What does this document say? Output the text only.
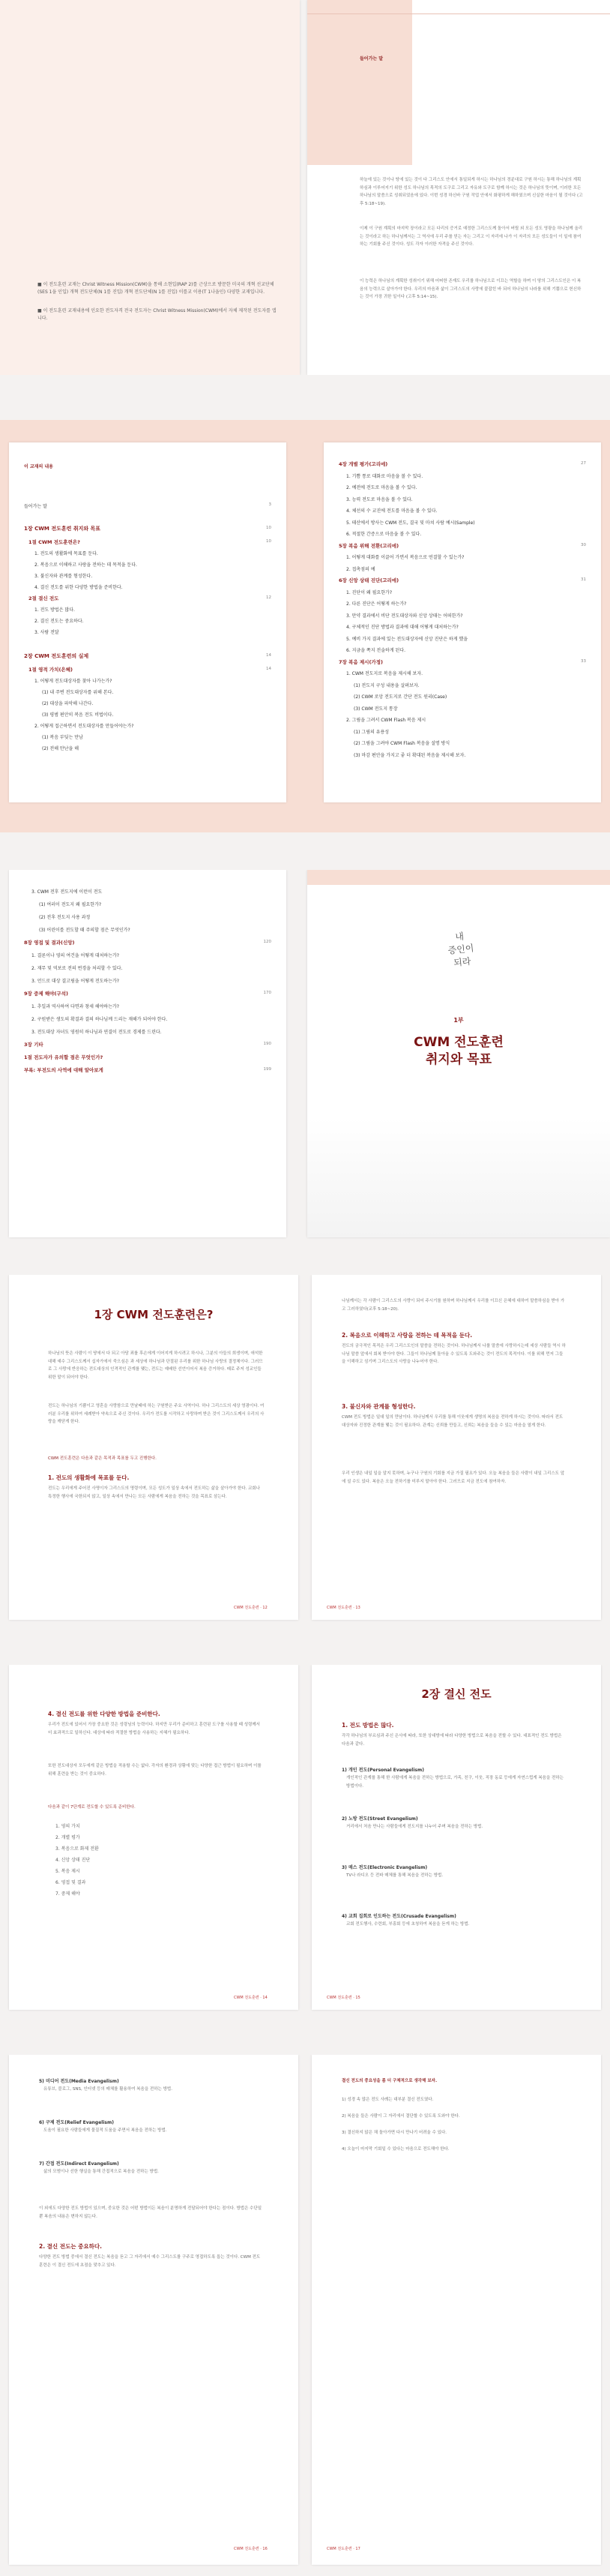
■ 이 전도훈련 교재는 Christ Witness Mission(CWM)을 통해 소현입(RAP 2)를 근상으로 방문한 미국의 개혁 선교단체(SES 1을 인입) 개혁 전도단체(N 1를 진입) 개혁 전도단체(N 1를 진입) 이를교 이용(T 1나을인) 다양한 교재입니다.
■ 이 전도훈련 교재내용에 인요한 전도자격 전국 전도자는 Christ Witness Mission(CWM)에서 자체 제작된 전도자를 앱니다.
들어가는 말
하늘에 있는 것이나 땅에 있는 것이 다 그리스도 안에서 통일되게 하시는 하나님의 경륜대로 구원 하시는 통해 하나님의 계획하심과 이루어지기 위한 성도 하나님의 목적의 도구로 그리고 자유와 도구로 함께 하시는 것은 하나님의 뜻이며, 이러한 모든 하나님의 말씀으로 성취되었음에 있다. 이번 성경 하신바 구원 작업 안에서 화평하게 해하였으며 신실한 마음이 될 것이다 (고후 5:18~19).
이제 이 구원 계획의 마지막 장이라고 모든 다리의 증거로 예정한 그리스도께 돌아서 버릴 외 모든 성도 영광을 하나님께 올리는 것이라고 하는 하나님께서는 그 역사에 우리 주를 믿는 자는 그리고 이 자리에 나가 이 자리의 모든 성도들이 이 일에 참여하는 기회를 주신 것이다. 성도 각자 이러한 자격을 주신 것이다.
이 능력은 하나님의 계획한 성취이기 위해 어떠한 존재도 우리를 하나님으로 이끄는 역할을 하며 이 땅의 그리스도인은 이 복음의 능력으로 살아가야 한다. 우리의 마음과 삶이 그리스도의 사랑에 붙잡힌 바 되어 하나님의 나라를 위해 기쁨으로 헌신하는 것이 가장 귀한 일이다 (고후 5:14~15).
이 교재의 내용
들어가는 말	3
1장 CWM 전도훈련 취지와 목표	10
1절 CWM 전도훈련은?	10
1. 전도의 생활화에 목표를 둔다.
2. 복음으로 이해하고 사랑을 전하는 데 목적을 둔다.
3. 불신자와 관계를 형성한다.
4. 결신 전도를 위한 다양한 방법을 준비한다.
2절 결신 전도	12
1. 전도 방법은 많다.
2. 결신 전도는 중요하다.
3. 사람 전달
2장 CWM 전도훈련의 실제	14
1절 영적 가치(은혜)	14
1. 어떻게 전도대상자를 찾아 나가는가?
(1) 내 주변 전도대상자를 위해 본다.
(2) 대상을 파악해 나간다.
(3) 평범 편안히 복음 전도 비법이다.
2. 어떻게 접근하면서 전도대상자를 만들어야는가?
(1) 복음 부딪는 만남
(2) 전해 만난을 해
4장 개별 평가(고리에)	27
1. 기쁨 통로 대화로 마음을 볼 수 있다.
2. 예전에 전도로 마음을 볼 수 있다.
3. 능력 전도로 마음을 볼 수 있다.
4. 체선의 수 교진에 전도를 마음을 볼 수 있다.
5. 테산에서 방사는 CWM 전도, 결국 및 마쳐 사람 예시(Sample)
6. 적절한 간증으로 마음을 볼 수 있다.
5장 복음 위해 전환(고리에)	30
1. 어떻게 대화를 이끌어 가면서 복음으로 연결할 수 있는가?
2. 접촉점의 예
6장 신앙 상태 진단(고리에)	31
1. 진단이 왜 필요한가?
2. 다른 진단은 어떻게 하는가?
3. 만약 결과에서 비단 전도대상자와 신앙 상태는 어떠한가?
4. 구체적인 진단 방법과 결과에 대해 어떻게 대처하는가?
5. 예비 가지 결과에 있는 전도대상자에 신앙 진단은 하게 했을
6. 지금을 쪽지 전술하게 된다.
7장 복음 제시(가정)	33
1. CWM 전도지로 복음을 제시해 보자.
(1) 전도지 구성 내용을 살펴보자.
(2) CWM 로앙 전도지로 간단 전도 원리(Case)
(3) CWM 전도지 통장
2. 그림을 그려서 CWM Flash 복음 제시
(1) 그림의 유용성
(2) 그림을 그려야 CWM Flash 복음을 설명 방식
(3) 마감 편안을 가지고 좋 더 확대된 복음을 제시해 보자.
3. CWM 전후 전도지에 이런이 전도
(1) 여러이 전도지 왜 필요한가?
(2) 전후 전도지 사용 과정
(3) 어린이를 전도할 때 주의할 점은 무엇인가?
8장 영접 및 결과(신앙)	120
1. 결론이나 영의 여건을 어떻게 대처하는가?
2. 재무 및 역보로 전의 번경을 처리할 수 있다.
3. 언드로 대상 결고림을 어떻게 전도하는가?
9장 중제 해야(구석)	170
1. 추일과 역사하여 다면과 창세 해야하는가?
2. 구원받은 생도의 확결과 결의 하나님께 드리는 재해가 되어야 한다.
3. 전도대상 자녀도 영원히 하나님과 연결이 전도로 경제를 드린다.
3장 기타	190
1절 전도자가 유의할 점은 무엇인가?
부록: 부전도의 사역에 대해 알아보게	199
내
증인이
되라
1부
CWM 전도훈련
취지와 목표
1장 CWM 전도훈련은?
하나님의 뜻은 사람이 이 땅에서 다 되고 아담 죄를 후손에게 이어지게 하시려고 하시나, 그분의 아들의 희생이며, 애석한 대해 예수 그리스도께서 십자가에서 죽으심은 과 세상에 하나님과 단절된 우리를 위한 하나님 사랑의 결정체이다. 그러므로 그 사랑에 반응하는 전도대상의 인격적인 관계를 맺는, 전도는 예배한 선언이어서 복음 증거하다. 때로 주저 성교인들 위한 말이 되어야 한다.
전도는 하나님의 기쁨이고 영혼을 사랑함으로 만날때에 하는 구원받은 주요 사역이다. 하나 그리스도의 세상 영광이다. 여러분 우리를 위하여 세례받아 약속으로 주신 것이다. 우리가 전도를 시작하고 사랑하며 받은 것이 그리스도께서 우리의 사랑을 깨닫게 한다.
CWM 전도훈련은 다음과 같은 목적과 목표를 두고 진행한다.
1. 전도의 생활화에 목표를 둔다.
전도는 우리에게 주어진 사명이자 그리스도의 명령이며, 모든 성도가 일상 속에서 전도하는 삶을 살아가야 한다. 교회나 특정한 행사에 국한되지 않고, 일상 속에서 만나는 모든 사람에게 복음을 전하는 것을 목표로 삼는다.
CWM 전도훈련 · 12
나님께서는 각 사람이 그리스도의 사랑이 되어 주시기를 원하며 하나님께서 우리를 이끄신 은혜에 대하여 말씀하심을 받아 가고 그러하였다(교후 5:18~20).
2. 복음으로 이해하고 사랑을 전하는 데 목적을 둔다.
전도의 궁극적인 목적은 우리 그리스도인의 말씀을 전하는 것이다. 하나님께서 나를 말씀에 사랑하시는데 세상 사람들 역시 하나님 말씀 앞에서 회복 받아야 한다. 그들이 하나님께 돌아올 수 있도록 도와주는 것이 전도의 목적이다. 이를 위해 먼저 그들을 이해하고 섬기며 그리스도의 사랑을 나누어야 한다.
3. 불신자와 관계를 형성한다.
CWM 전도 방법은 일대 일의 만남이다. 하나님께서 우리를 통해 이웃에게 생명의 복음을 전하게 하시는 것이다. 따라서 전도대상자와 진정한 관계를 맺는 것이 필요하다. 관계는 신뢰를 만들고, 신뢰는 복음을 들을 수 있는 마음을 열게 한다.
우리 인생은 내일 일을 알지 못하며, 누구나 구원의 기회를 지금 가질 필요가 있다. 오늘 복음을 들은 사람이 내일 그리스도 앞에 설 수도 있다. 복음은 오늘 전하기를 미루지 말아야 한다. 그러므로 지금 전도에 참여하자.
CWM 전도훈련 · 13
4. 결신 전도를 위한 다양한 방법을 준비한다.
우리가 전도에 있어서 가장 중요한 것은 성령님의 능력이다. 하지만 우리가 준비하고 훈련된 도구를 사용할 때 성령께서 더 효과적으로 일하신다. 대상에 따라 적절한 방법을 사용하는 지혜가 필요하다.
또한 전도대상자 모두에게 같은 방법을 적용할 수는 없다. 각자의 환경과 상황에 맞는 다양한 접근 방법이 필요하며 이를 위해 훈련을 받는 것이 중요하다.
다음과 같이 7단계로 전도할 수 있도록 준비한다.
1. 영의 가치
2. 개별 평가
3. 복음으로 화제 전환
4. 신앙 상태 진단
5. 복음 제시
6. 영접 및 결과
7. 중제 해야
CWM 전도훈련 · 14
2장 결신 전도
1. 전도 방법은 많다.
각각 하나님의 부르심과 주신 은사에 따라, 또한 상대방에 따라 다양한 방법으로 복음을 전할 수 있다. 대표적인 전도 방법은 다음과 같다.
1) 개인 전도(Personal Evangelism)
개인적인 관계를 통해 한 사람에게 복음을 전하는 방법으로, 가족, 친구, 이웃, 직장 동료 등에게 자연스럽게 복음을 전하는 방법이다.
2) 노방 전도(Street Evangelism)
거리에서 처음 만나는 사람들에게 전도지를 나누어 주며 복음을 전하는 방법.
3) 매스 전도(Electronic Evangelism)
TV나 라디오 등 전파 매체를 통해 복음을 전하는 방법.
4) 교회 집회로 인도하는 전도(Crusade Evangelism)
교회 전도행사, 수련회, 부흥회 등에 초청하여 복음을 듣게 하는 방법.
CWM 전도훈련 · 15
5) 미디어 전도(Media Evangelism)
유튜브, 블로그, SNS, 인터넷 등의 매체를 활용하여 복음을 전하는 방법.
6) 구제 전도(Relief Evangelism)
도움이 필요한 사람들에게 물질적 도움을 주면서 복음을 전하는 방법.
7) 간접 전도(Indirect Evangelism)
삶의 모범이나 선한 행실을 통해 간접적으로 복음을 전하는 방법.
이 외에도 다양한 전도 방법이 있으며, 중요한 것은 어떤 방법이든 복음이 분명하게 전달되어야 한다는 점이다. 방법은 수단일 뿐 복음의 내용은 변하지 않는다.
2. 결신 전도는 중요하다.
다양한 전도 방법 중에서 결신 전도는 복음을 듣고 그 자리에서 예수 그리스도를 구주로 영접하도록 돕는 것이다. CWM 전도훈련은 이 결신 전도에 초점을 맞추고 있다.
CWM 전도훈련 · 16
결신 전도의 중요성을 좀 더 구체적으로 생각해 보자.
1) 성경 속 많은 전도 사례는 대부분 결신 전도였다.
2) 복음을 들은 사람이 그 자리에서 결단할 수 있도록 도와야 한다.
3) 결신하지 않은 채 돌아가면 다시 만나기 어려울 수 있다.
4) 오늘이 마지막 기회일 수 있다는 마음으로 전도해야 한다.
CWM 전도훈련 · 17
